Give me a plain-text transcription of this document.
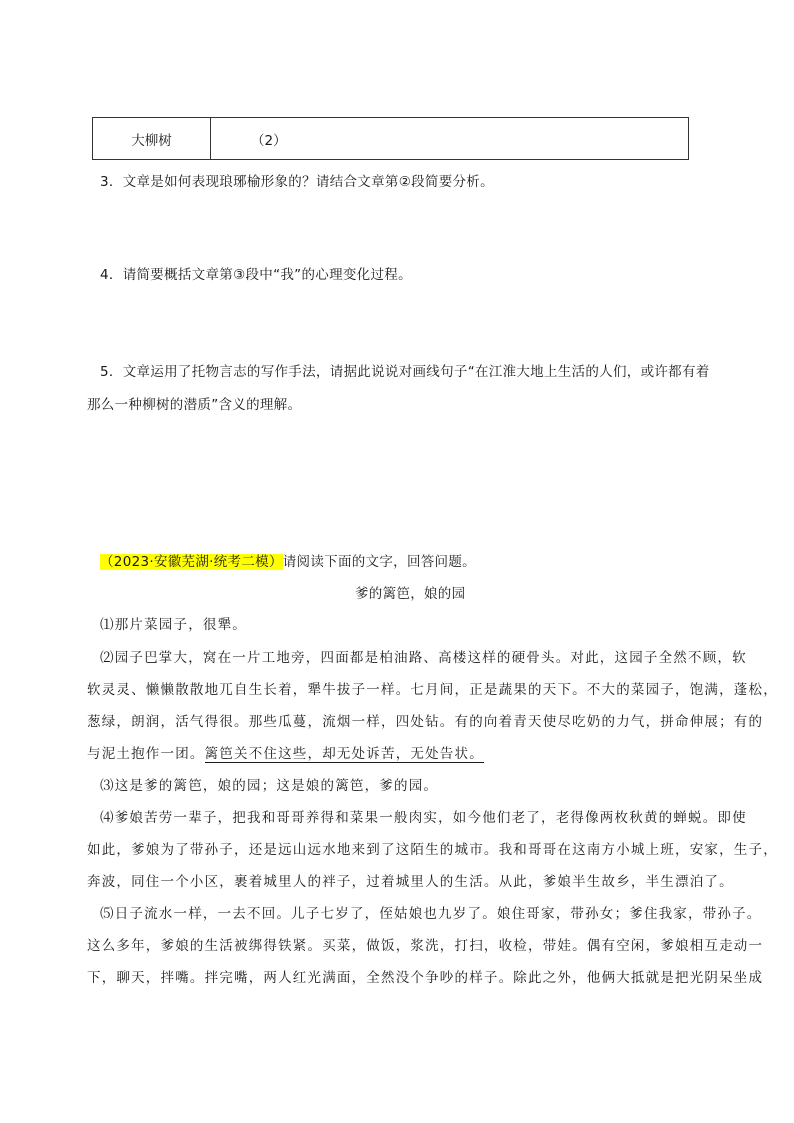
大柳树	（2）
3．文章是如何表现琅琊榆形象的？请结合文章第②段简要分析。
4．请简要概括文章第③段中“我”的心理变化过程。
5．文章运用了托物言志的写作手法，请据此说说对画线句子“在江淮大地上生活的人们，或许都有着
那么一种柳树的潜质”含义的理解。
（2023·安徽芜湖·统考二模）请阅读下面的文字，回答问题。
爹的篱笆，娘的园
⑴那片菜园子，很犟。
⑵园子巴掌大，窝在一片工地旁，四面都是柏油路、高楼这样的硬骨头。对此，这园子全然不顾，软
软灵灵、懒懒散散地兀自生长着，犟牛拔子一样。七月间，正是蔬果的天下。不大的菜园子，饱满，蓬松，
葱绿，朗润，活气得很。那些瓜蔓，流烟一样，四处钻。有的向着青天使尽吃奶的力气，拼命伸展；有的
与泥土抱作一团。篱笆关不住这些，却无处诉苦，无处告状。
⑶这是爹的篱笆，娘的园；这是娘的篱笆，爹的园。
⑷爹娘苦劳一辈子，把我和哥哥养得和菜果一般肉实，如今他们老了，老得像两枚秋黄的蝉蜕。即使
如此，爹娘为了带孙子，还是远山远水地来到了这陌生的城市。我和哥哥在这南方小城上班，安家，生子，
奔波，同住一个小区，裹着城里人的袢子，过着城里人的生活。从此，爹娘半生故乡，半生漂泊了。
⑸日子流水一样，一去不回。儿子七岁了，侄姑娘也九岁了。娘住哥家，带孙女；爹住我家，带孙子。
这么多年，爹娘的生活被绑得铁紧。买菜，做饭，浆洗，打扫，收检，带娃。偶有空闲，爹娘相互走动一
下，聊天，拌嘴。拌完嘴，两人红光满面，全然没个争吵的样子。除此之外，他俩大抵就是把光阴呆坐成
